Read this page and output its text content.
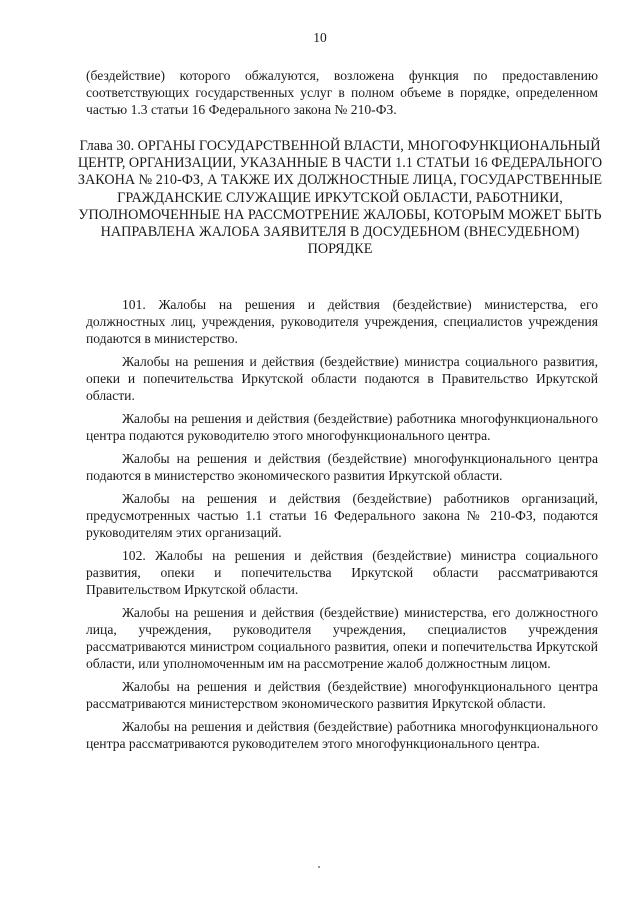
10
(бездействие) которого обжалуются, возложена функция по предоставлению соответствующих государственных услуг в полном объеме в порядке, определенном частью 1.3 статьи 16 Федерального закона № 210-ФЗ.
Глава 30. ОРГАНЫ ГОСУДАРСТВЕННОЙ ВЛАСТИ, МНОГОФУНКЦИОНАЛЬНЫЙ ЦЕНТР, ОРГАНИЗАЦИИ, УКАЗАННЫЕ В ЧАСТИ 1.1 СТАТЬИ 16 ФЕДЕРАЛЬНОГО ЗАКОНА № 210-ФЗ, А ТАКЖЕ ИХ ДОЛЖНОСТНЫЕ ЛИЦА, ГОСУДАРСТВЕННЫЕ ГРАЖДАНСКИЕ СЛУЖАЩИЕ ИРКУТСКОЙ ОБЛАСТИ, РАБОТНИКИ, УПОЛНОМОЧЕННЫЕ НА РАССМОТРЕНИЕ ЖАЛОБЫ, КОТОРЫМ МОЖЕТ БЫТЬ НАПРАВЛЕНА ЖАЛОБА ЗАЯВИТЕЛЯ В ДОСУДЕБНОМ (ВНЕСУДЕБНОМ) ПОРЯДКЕ

101. Жалобы на решения и действия (бездействие) министерства, его должностных лиц, учреждения, руководителя учреждения, специалистов учреждения подаются в министерство.

Жалобы на решения и действия (бездействие) министра социального развития, опеки и попечительства Иркутской области подаются в Правительство Иркутской области.

Жалобы на решения и действия (бездействие) работника многофункционального центра подаются руководителю этого многофункционального центра.

Жалобы на решения и действия (бездействие) многофункционального центра подаются в министерство экономического развития Иркутской области.

Жалобы на решения и действия (бездействие) работников организаций, предусмотренных частью 1.1 статьи 16 Федерального закона № 210-ФЗ, подаются руководителям этих организаций.

102. Жалобы на решения и действия (бездействие) министра социального развития, опеки и попечительства Иркутской области рассматриваются Правительством Иркутской области.

Жалобы на решения и действия (бездействие) министерства, его должностного лица, учреждения, руководителя учреждения, специалистов учреждения рассматриваются министром социального развития, опеки и попечительства Иркутской области, или уполномоченным им на рассмотрение жалоб должностным лицом.

Жалобы на решения и действия (бездействие) многофункционального центра рассматриваются министерством экономического развития Иркутской области.

Жалобы на решения и действия (бездействие) работника многофункционального центра рассматриваются руководителем этого многофункционального центра.
